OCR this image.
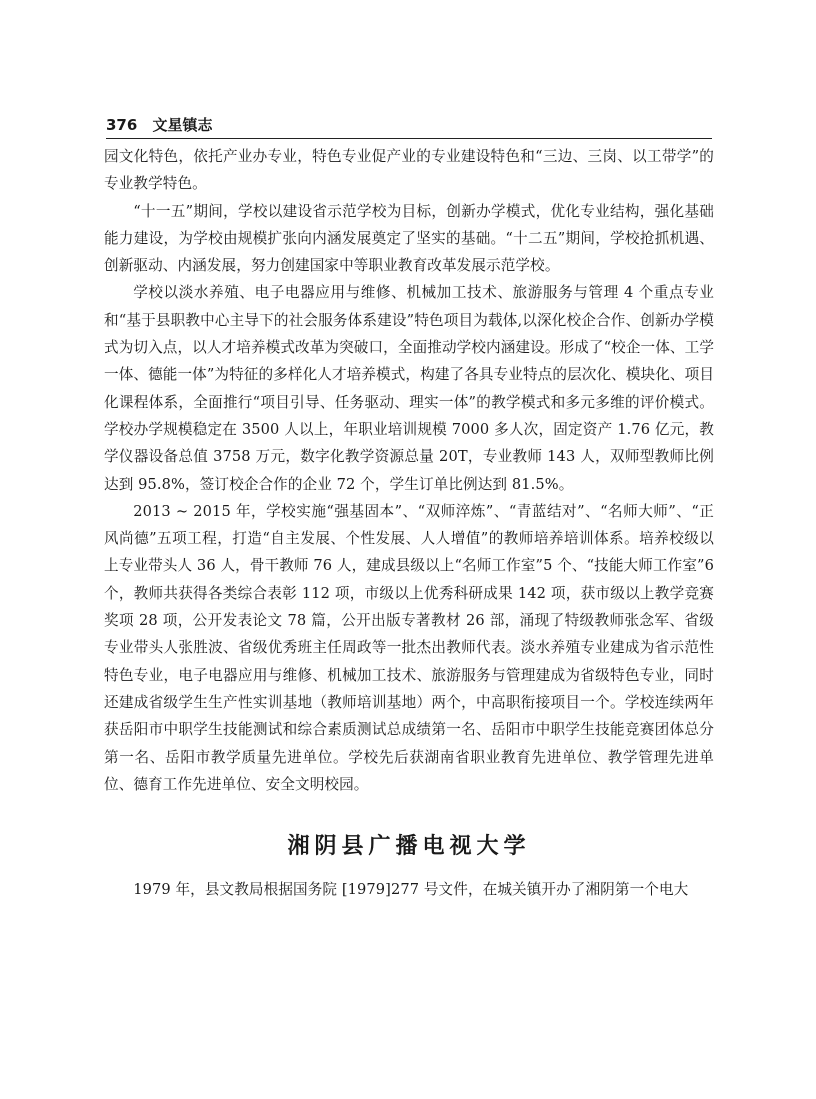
376 文星镇志

园文化特色，依托产业办专业，特色专业促产业的专业建设特色和“三边、三岗、以工带学”的专业教学特色。

“十一五”期间，学校以建设省示范学校为目标，创新办学模式，优化专业结构，强化基础能力建设，为学校由规模扩张向内涵发展奠定了坚实的基础。“十二五”期间，学校抢抓机遇、创新驱动、内涵发展，努力创建国家中等职业教育改革发展示范学校。

学校以淡水养殖、电子电器应用与维修、机械加工技术、旅游服务与管理 4 个重点专业和“基于县职教中心主导下的社会服务体系建设”特色项目为载体,以深化校企合作、创新办学模式为切入点，以人才培养模式改革为突破口，全面推动学校内涵建设。形成了“校企一体、工学一体、德能一体”为特征的多样化人才培养模式，构建了各具专业特点的层次化、模块化、项目化课程体系，全面推行“项目引导、任务驱动、理实一体”的教学模式和多元多维的评价模式。学校办学规模稳定在 3500 人以上，年职业培训规模 7000 多人次，固定资产 1.76 亿元，教学仪器设备总值 3758 万元，数字化教学资源总量 20T，专业教师 143 人，双师型教师比例达到 95.8%，签订校企合作的企业 72 个，学生订单比例达到 81.5%。

2013 ~ 2015 年，学校实施“强基固本”、“双师淬炼”、“青蓝结对”、“名师大师”、“正风尚德”五项工程，打造“自主发展、个性发展、人人增值”的教师培养培训体系。培养校级以上专业带头人 36 人，骨干教师 76 人，建成县级以上“名师工作室”5 个、“技能大师工作室”6 个，教师共获得各类综合表彰 112 项，市级以上优秀科研成果 142 项，获市级以上教学竞赛奖项 28 项，公开发表论文 78 篇，公开出版专著教材 26 部，涌现了特级教师张念军、省级专业带头人张胜波、省级优秀班主任周政等一批杰出教师代表。淡水养殖专业建成为省示范性特色专业，电子电器应用与维修、机械加工技术、旅游服务与管理建成为省级特色专业，同时还建成省级学生生产性实训基地（教师培训基地）两个，中高职衔接项目一个。学校连续两年获岳阳市中职学生技能测试和综合素质测试总成绩第一名、岳阳市中职学生技能竞赛团体总分第一名、岳阳市教学质量先进单位。学校先后获湖南省职业教育先进单位、教学管理先进单位、德育工作先进单位、安全文明校园。

湘阴县广播电视大学

1979 年，县文教局根据国务院 [1979]277 号文件，在城关镇开办了湘阴第一个电大
